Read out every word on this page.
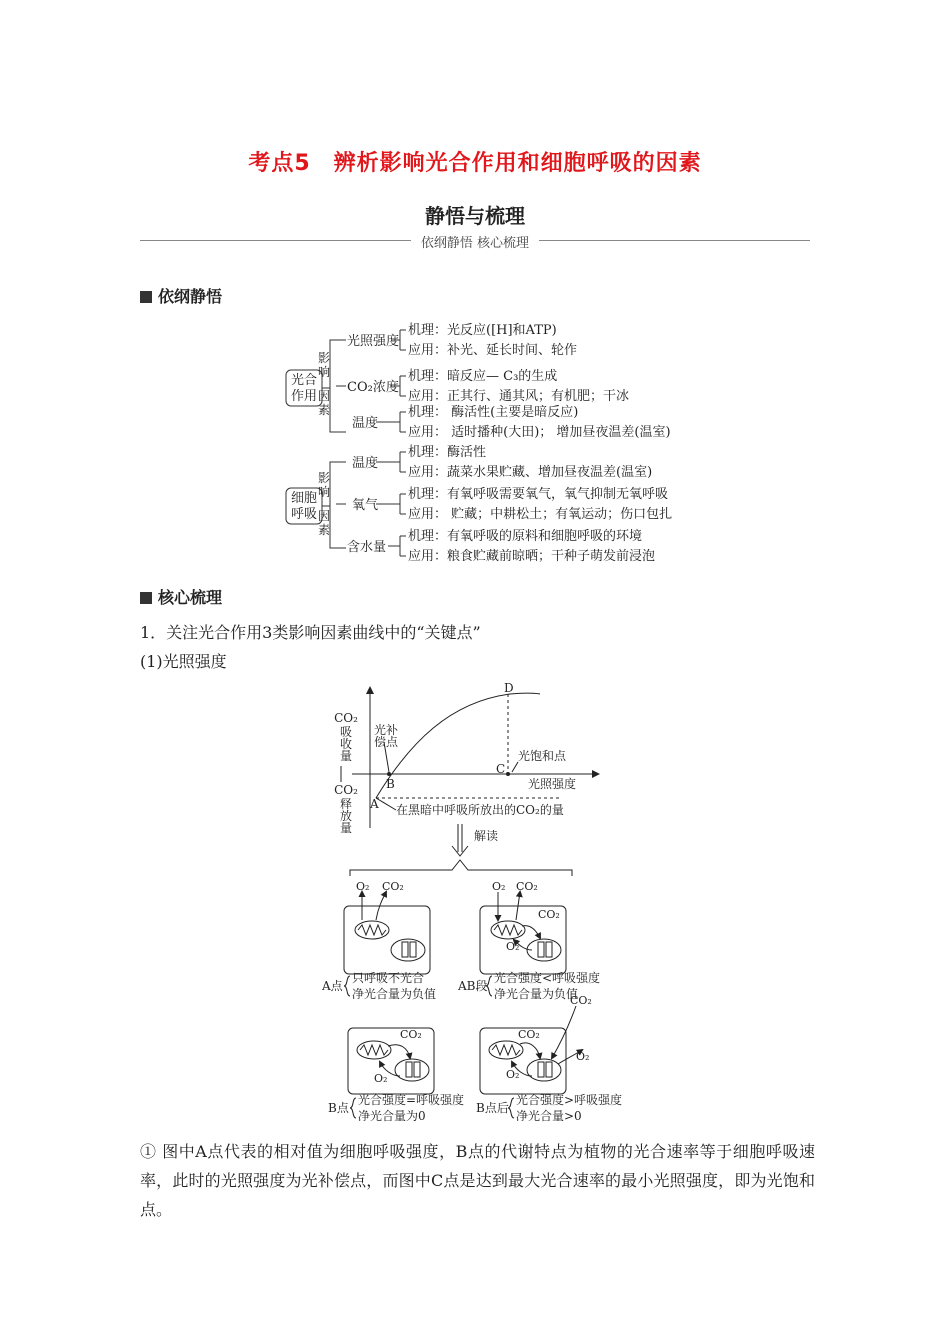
考点5　辨析影响光合作用和细胞呼吸的因素
静悟与梳理
依纲静悟 核心梳理
依纲静悟
光合
作用
影
响
因
素
光照强度
CO₂浓度
温度
机理：光反应([H]和ATP)
应用：补光、延长时间、轮作
机理：暗反应— C₃的生成
应用：正其行、通其风；有机肥；干冰
机理： 酶活性(主要是暗反应)
应用： 适时播种(大田)； 增加昼夜温差(温室)
细胞
呼吸
影
响
因
素
温度
氧气
含水量
机理：酶活性
应用：蔬菜水果贮藏、增加昼夜温差(温室)
机理：有氧呼吸需要氧气，氧气抑制无氧呼吸
应用： 贮藏；中耕松土；有氧运动；伤口包扎
机理：有氧呼吸的原料和细胞呼吸的环境
应用：粮食贮藏前晾晒；干种子萌发前浸泡
核心梳理
1．关注光合作用3类影响因素曲线中的“关键点”
(1)光照强度
CO₂
吸
收
量
CO₂
释
放
量
光补
偿点
光饱和点
光照强度
A
B
C
D
在黑暗中呼吸所放出的CO₂的量
解读
O₂ CO₂	O₂ CO₂
CO₂
O₂
CO₂
O₂
CO₂
CO₂
O₂
O₂
A点
只呼吸不光合
净光合量为负值
AB段
光合强度<呼吸强度
净光合量为负值
B点
光合强度=呼吸强度
净光合量为0
B点后
光合强度>呼吸强度
净光合量>0
① 图中A点代表的相对值为细胞呼吸强度，B点的代谢特点为植物的光合速率等于细胞呼吸速率，此时的光照强度为光补偿点，而图中C点是达到最大光合速率的最小光照强度，即为光饱和点。
